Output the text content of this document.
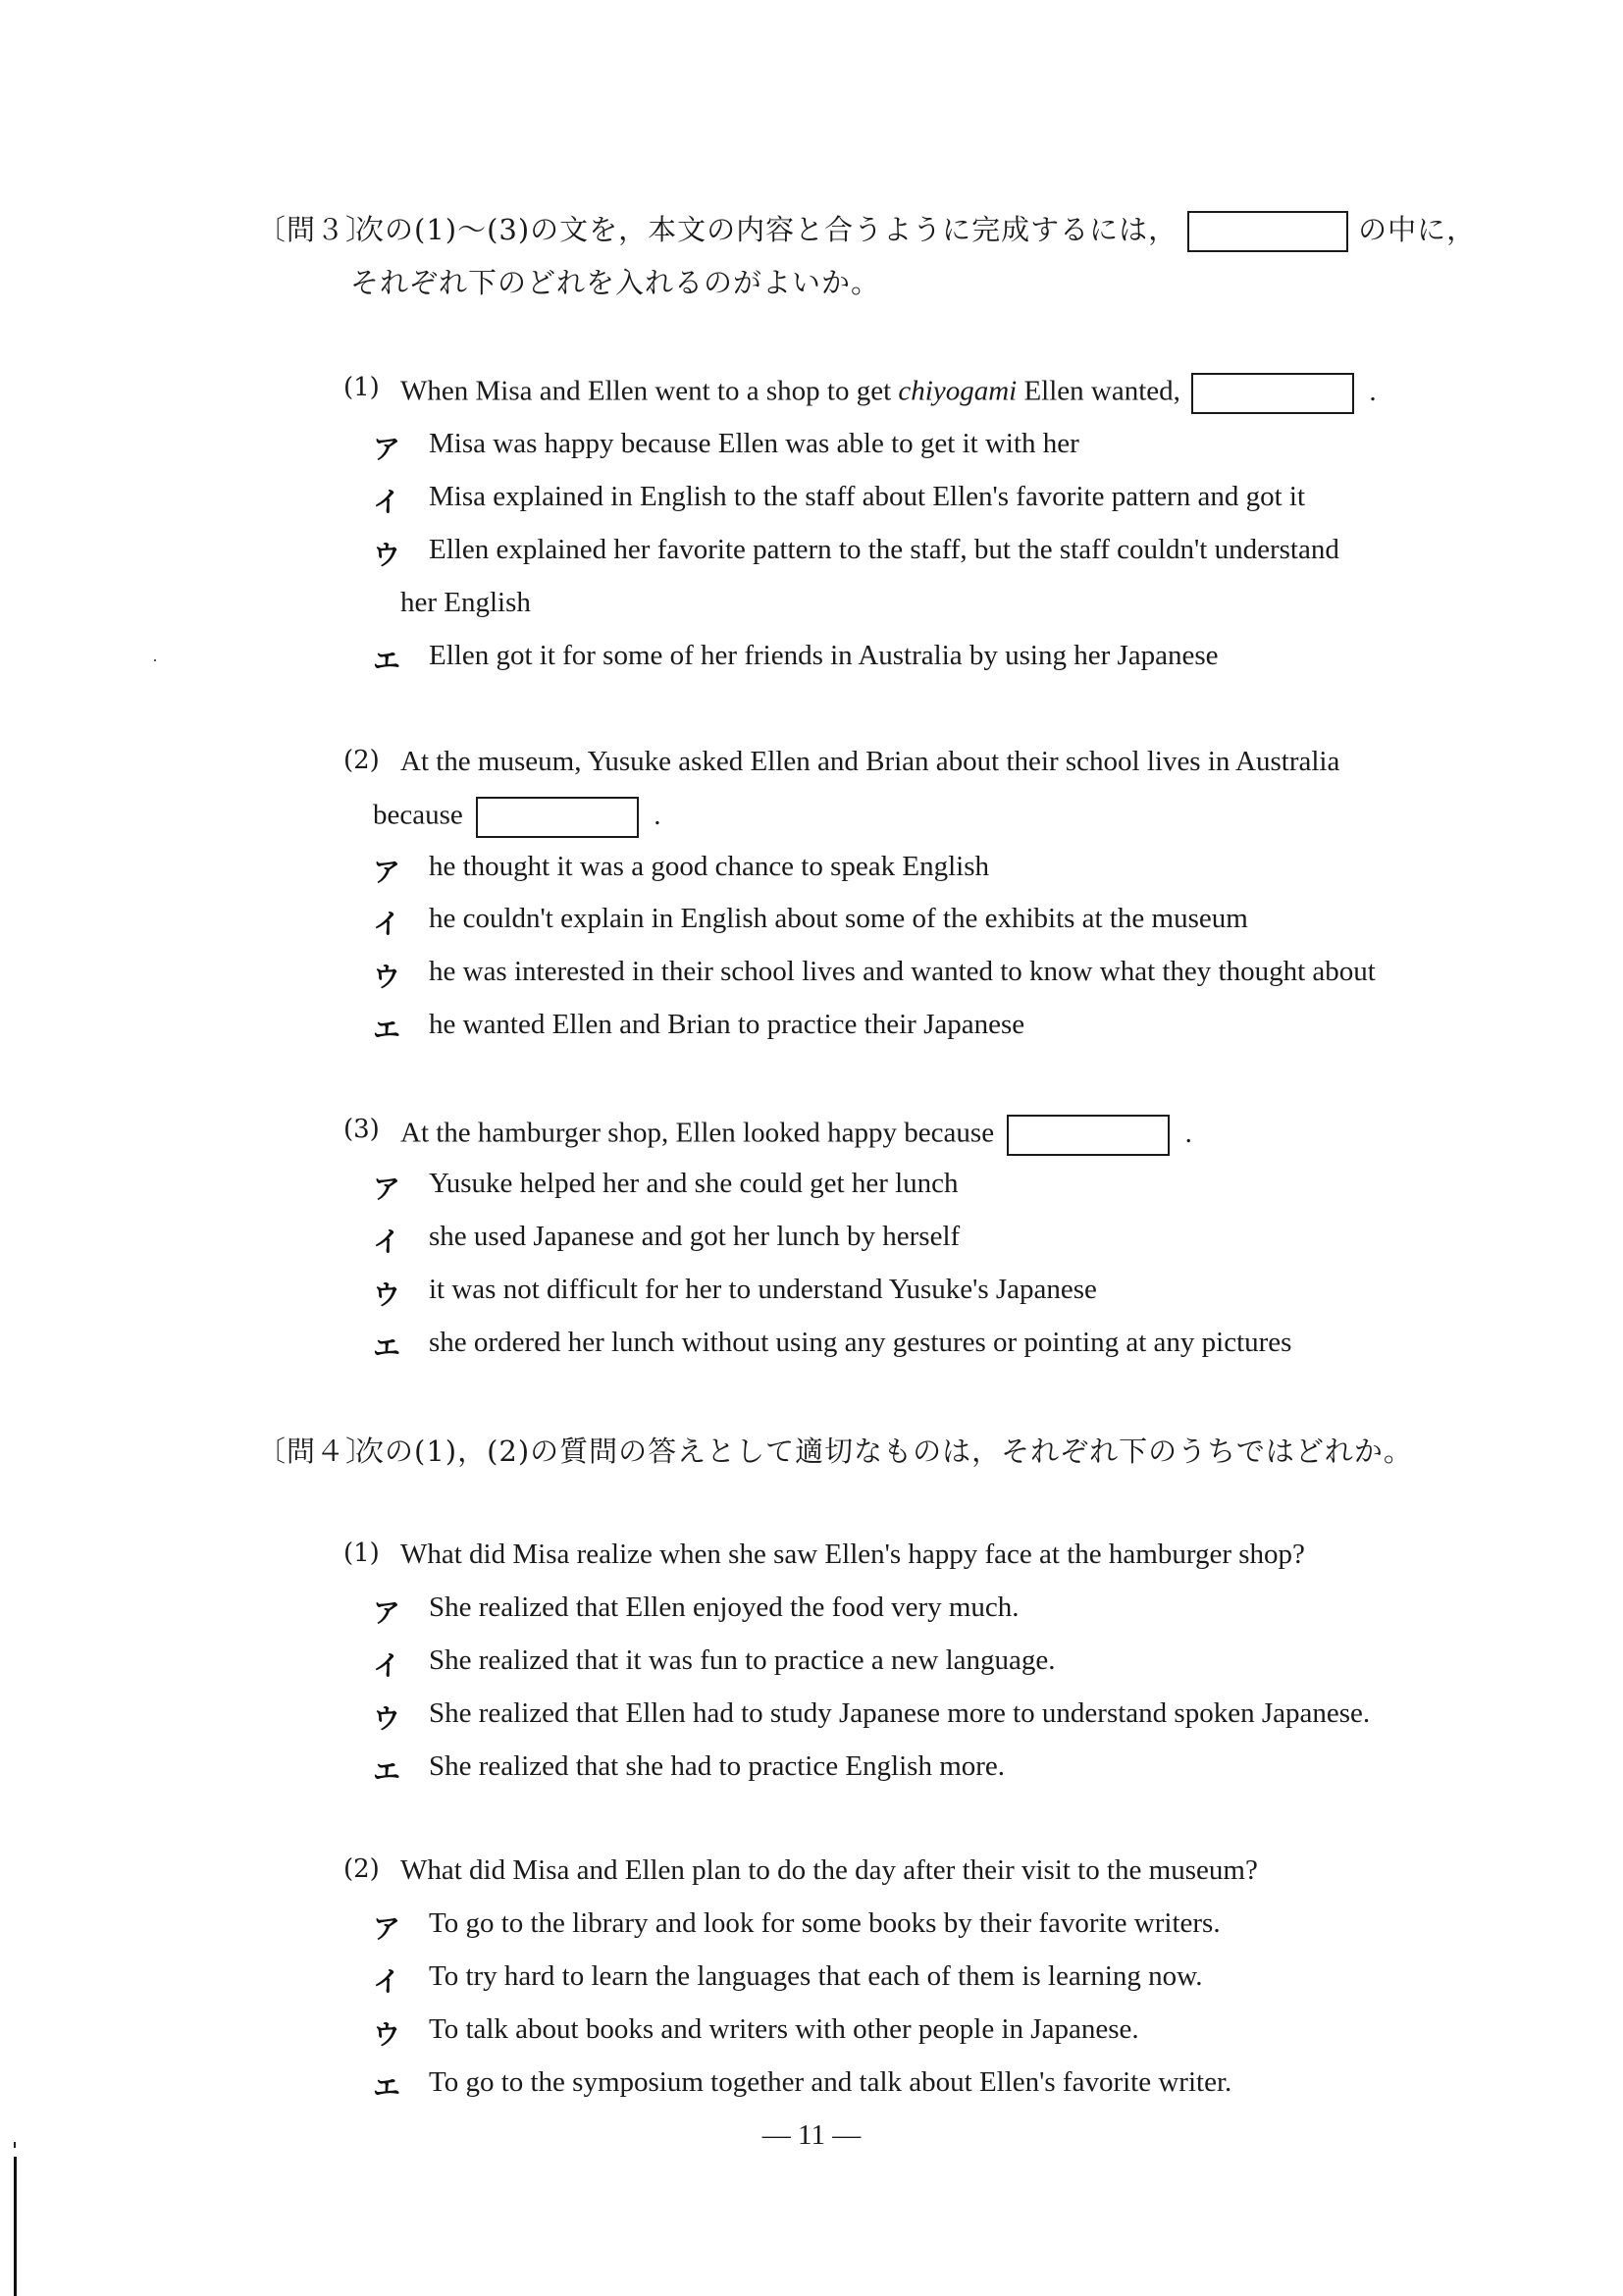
〔問３〕次の(1)〜(3)の文を，本文の内容と合うように完成するには，	の中に，
それぞれ下のどれを入れるのがよいか。
(1) When Misa and Ellen went to a shop to get chiyogami Ellen wanted,	.
ア Misa was happy because Ellen was able to get it with her
イ Misa explained in English to the staff about Ellen's favorite pattern and got it
ウ Ellen explained her favorite pattern to the staff, but the staff couldn't understand
her English
エ Ellen got it for some of her friends in Australia by using her Japanese
(2) At the museum, Yusuke asked Ellen and Brian about their school lives in Australia
because	.
ア he thought it was a good chance to speak English
イ he couldn't explain in English about some of the exhibits at the museum
ウ he was interested in their school lives and wanted to know what they thought about
エ he wanted Ellen and Brian to practice their Japanese
(3) At the hamburger shop, Ellen looked happy because	.
ア Yusuke helped her and she could get her lunch
イ she used Japanese and got her lunch by herself
ウ it was not difficult for her to understand Yusuke's Japanese
エ she ordered her lunch without using any gestures or pointing at any pictures
〔問４〕次の(1)，(2)の質問の答えとして適切なものは，それぞれ下のうちではどれか。
(1) What did Misa realize when she saw Ellen's happy face at the hamburger shop?
ア She realized that Ellen enjoyed the food very much.
イ She realized that it was fun to practice a new language.
ウ She realized that Ellen had to study Japanese more to understand spoken Japanese.
エ She realized that she had to practice English more.
(2) What did Misa and Ellen plan to do the day after their visit to the museum?
ア To go to the library and look for some books by their favorite writers.
イ To try hard to learn the languages that each of them is learning now.
ウ To talk about books and writers with other people in Japanese.
エ To go to the symposium together and talk about Ellen's favorite writer.
— 11 —
